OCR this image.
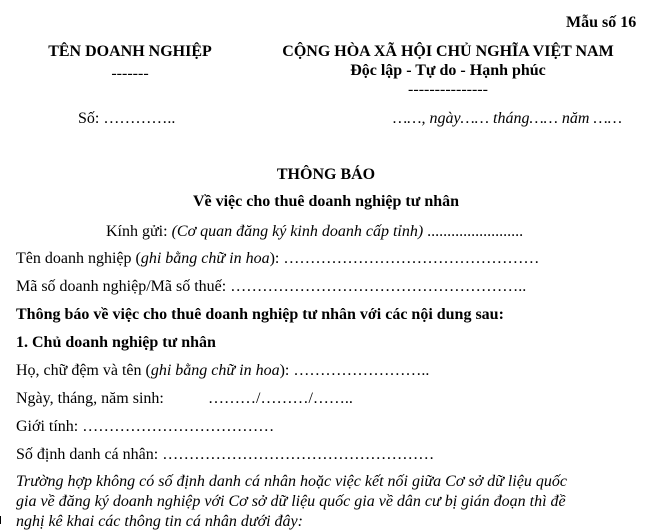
Mẫu số 16
TÊN DOANH NGHIỆP
-------
CỘNG HÒA XÃ HỘI CHỦ NGHĨA VIỆT NAM
Độc lập - Tự do - Hạnh phúc
---------------
Số: …………..	……, ngày…… tháng…… năm ……
THÔNG BÁO
Về việc cho thuê doanh nghiệp tư nhân
Kính gửi: (Cơ quan đăng ký kinh doanh cấp tỉnh) ........................
Tên doanh nghiệp (ghi bằng chữ in hoa): …………………………………………
Mã số doanh nghiệp/Mã số thuế: ………………………………………………..
Thông báo về việc cho thuê doanh nghiệp tư nhân với các nội dung sau:
1. Chủ doanh nghiệp tư nhân
Họ, chữ đệm và tên (ghi bằng chữ in hoa): ……………………..
Ngày, tháng, năm sinh:	………/………/……..
Giới tính: ………………………………
Số định danh cá nhân: ……………………………………………
Trường hợp không có số định danh cá nhân hoặc việc kết nối giữa Cơ sở dữ liệu quốc
gia về đăng ký doanh nghiệp với Cơ sở dữ liệu quốc gia về dân cư bị gián đoạn thì đề
nghị kê khai các thông tin cá nhân dưới đây:
